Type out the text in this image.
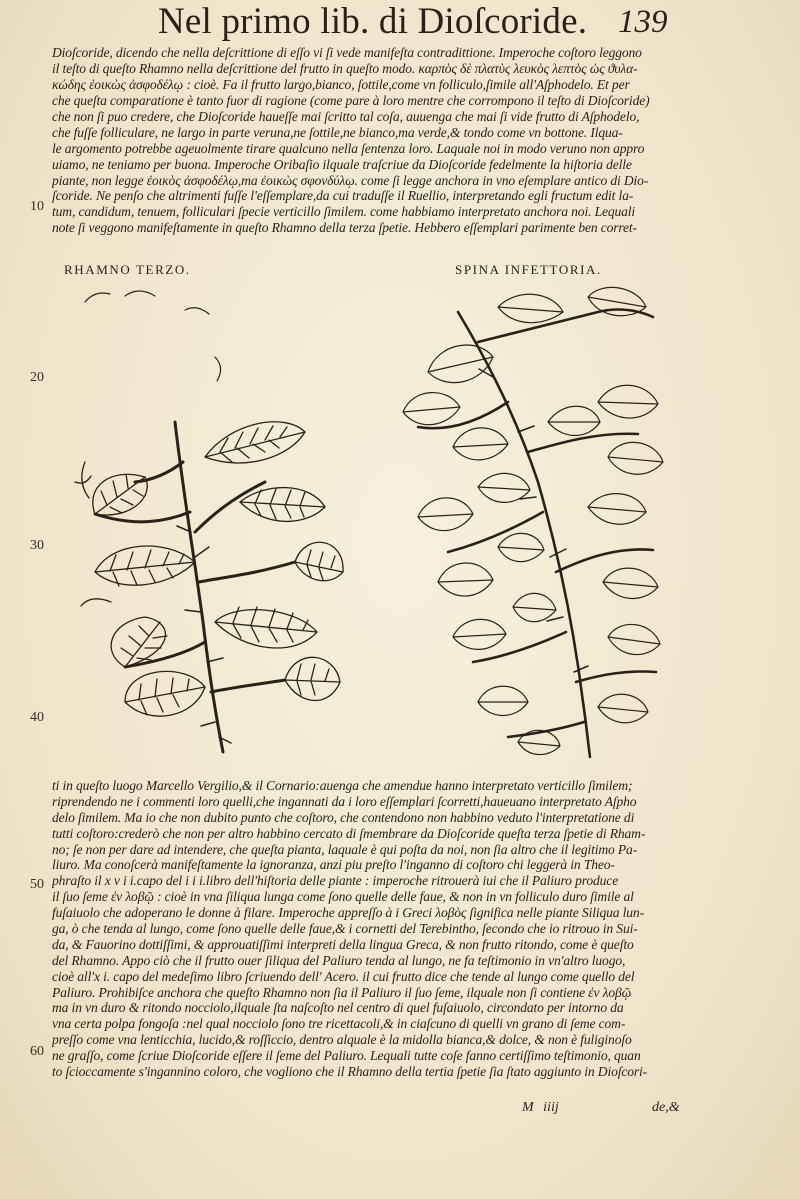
Nel primo lib. di Dioſcoride. 139
Dioſcoride, dicendo che nella deſcrittione di eſſo vi ſi vede manifeſta contradittione. Imperoche coſtoro leggono
il teſto di queſto Rhamno nella deſcrittione del frutto in queſto modo. καρπὸς δὲ πλατὺς λευκὸς λεπτὸς ὡς ϑυλα-
κώδης ἐοικὼς ἀσφοδέλῳ : cioè. Fa il frutto largo,bianco, ſottile,come vn folliculo,ſimile all'Aſphodelo. Et per
che queſta comparatione è tanto fuor di ragione (come pare à loro mentre che corrompono il teſto di Dioſcoride)
che non ſi puo credere, che Dioſcoride haueſſe mai ſcritto tal coſa, auuenga che mai ſi vide frutto di Aſphodelo,
che fuſſe folliculare, ne largo in parte veruna,ne ſottile,ne bianco,ma verde,& tondo come vn bottone. Ilqua-
le argomento potrebbe ageuolmente tirare qualcuno nella ſentenza loro. Laquale noi in modo veruno non appro
uiamo, ne teniamo per buona. Imperoche Oribaſio ilquale traſcriue da Dioſcoride fedelmente la hiſtoria delle
piante, non legge ἐοικὸς ἀσφοδέλῳ,ma ἐοικὼς σφονδύλῳ. come ſi legge anchora in vno eſemplare antico di Dio-
ſcoride. Ne penſo che altrimenti fuſſe l'eſſemplare,da cui traduſſe il Ruellio, interpretando egli fructum edit la-
tum, candidum, tenuem, folliculari ſpecie verticillo ſimilem. come habbiamo interpretato anchora noi. Lequali
note ſi veggono manifeſtamente in queſto Rhamno della terza ſpetie. Hebbero eſſemplari parimente ben corret-
10
20
30
40
50
60
RHAMNO TERZO.	SPINA INFETTORIA.
ti in queſto luogo Marcello Vergilio,& il Cornario:auenga che amendue hanno interpretato verticillo ſimilem;
riprendendo ne i commenti loro quelli,che ingannati da i loro eſſemplari ſcorretti,haueuano interpretato Aſpho
delo ſimilem. Ma io che non dubito punto che coſtoro, che contendono non habbino veduto l'interpretatione di
tutti coſtoro:crederò che non per altro habbino cercato di ſmembrare da Dioſcoride queſta terza ſpetie di Rham-
no; ſe non per dare ad intendere, che queſta pianta, laquale è qui poſta da noi, non ſia altro che il legitimo Pa-
liuro. Ma conoſcerà manifeſtamente la ignoranza, anzi piu preſto l'inganno di coſtoro chi leggerà in Theo-
phraſto il x v i i.capo del i i i.libro dell'hiſtoria delle piante : imperoche ritrouerà iui che il Paliuro produce
il ſuo ſeme ἐν λοβῷ : cioè in vna ſiliqua lunga come ſono quelle delle faue, & non in vn folliculo duro ſimile al
fuſaiuolo che adoperano le donne à filare. Imperoche appreſſo à i Greci λοβὸς ſignifica nelle piante Siliqua lun-
ga, ò che tenda al lungo, come ſono quelle delle faue,& i cornetti del Terebintho, ſecondo che io ritrouo in Sui-
da, & Fauorino dottiſſimi, & approuatiſſimi interpreti della lingua Greca, & non frutto ritondo, come è queſto
del Rhamno. Appo ciò che il frutto ouer ſiliqua del Paliuro tenda al lungo, ne fa teſtimonio in vn'altro luogo,
cioè all'x i. capo del medeſimo libro ſcriuendo dell' Acero. il cui frutto dice che tende al lungo come quello del
Paliuro. Prohibiſce anchora che queſto Rhamno non ſia il Paliuro il ſuo ſeme, ilquale non ſi contiene ἐν λοβῷ
ma in vn duro & ritondo nocciolo,ilquale ſta naſcoſto nel centro di quel fuſaiuolo, circondato per intorno da
vna certa polpa fongoſa :nel qual nocciolo ſono tre ricettacoli,& in ciaſcuno di quelli vn grano di ſeme com-
preſſo come vna lenticchia, lucido,& roſſiccio, dentro alquale è la midolla bianca,& dolce, & non è fuliginoſo
ne graſſo, come ſcriue Dioſcoride eſſere il ſeme del Paliuro. Lequali tutte coſe fanno certiſſimo teſtimonio, quan
to ſcioccamente s'ingannino coloro, che vogliono che il Rhamno della tertia ſpetie ſia ſtato aggiunto in Dioſcori-
M iiij	de,&
